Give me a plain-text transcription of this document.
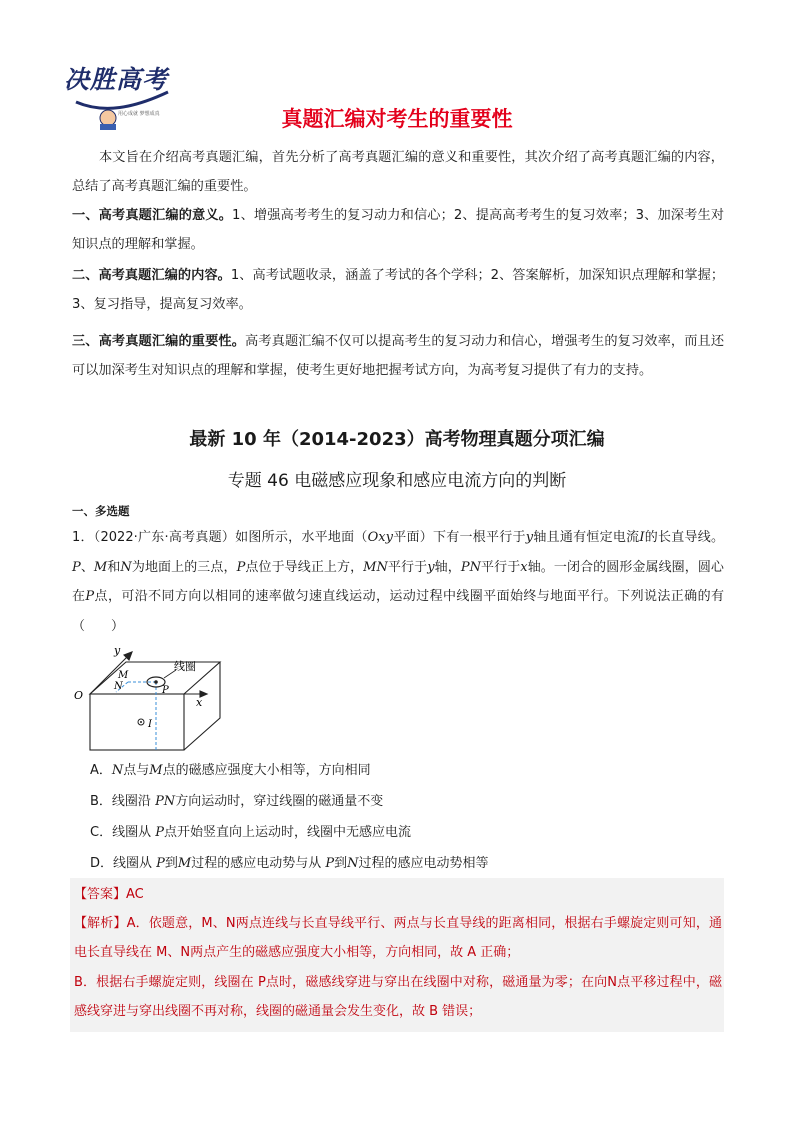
决胜高考
用心成就 梦想成真	真题汇编对考生的重要性
本文旨在介绍高考真题汇编，首先分析了高考真题汇编的意义和重要性，其次介绍了高考真题汇编的内容，总结了高考真题汇编的重要性。
一、高考真题汇编的意义。1、增强高考考生的复习动力和信心；2、提高高考考生的复习效率；3、加深考生对知识点的理解和掌握。
二、高考真题汇编的内容。1、高考试题收录，涵盖了考试的各个学科；2、答案解析，加深知识点理解和掌握；3、复习指导，提高复习效率。
三、高考真题汇编的重要性。高考真题汇编不仅可以提高考生的复习动力和信心，增强考生的复习效率，而且还可以加深考生对知识点的理解和掌握，使考生更好地把握考试方向，为高考复习提供了有力的支持。
最新 10 年（2014-2023）高考物理真题分项汇编
专题 46 电磁感应现象和感应电流方向的判断
一、多选题
1．（2022·广东·高考真题）如图所示，水平地面（Oxy平面）下有一根平行于y轴且通有恒定电流I的长直导线。P、M和N为地面上的三点，P点位于导线正上方，MN平行于y轴，PN平行于x轴。一闭合的圆形金属线圈，圆心在P点，可沿不同方向以相同的速率做匀速直线运动，运动过程中线圈平面始终与地面平行。下列说法正确的有（　　）
y
x
O
M
N	P
I
线圈
A．N点与M点的磁感应强度大小相等，方向相同
B．线圈沿 PN方向运动时，穿过线圈的磁通量不变
C．线圈从 P点开始竖直向上运动时，线圈中无感应电流
D．线圈从 P到M过程的感应电动势与从 P到N过程的感应电动势相等
【答案】AC
【解析】A．依题意，M、N两点连线与长直导线平行、两点与长直导线的距离相同，根据右手螺旋定则可知，通电长直导线在 M、N两点产生的磁感应强度大小相等，方向相同，故 A 正确；
B．根据右手螺旋定则，线圈在 P点时，磁感线穿进与穿出在线圈中对称，磁通量为零；在向N点平移过程中，磁感线穿进与穿出线圈不再对称，线圈的磁通量会发生变化，故 B 错误；
